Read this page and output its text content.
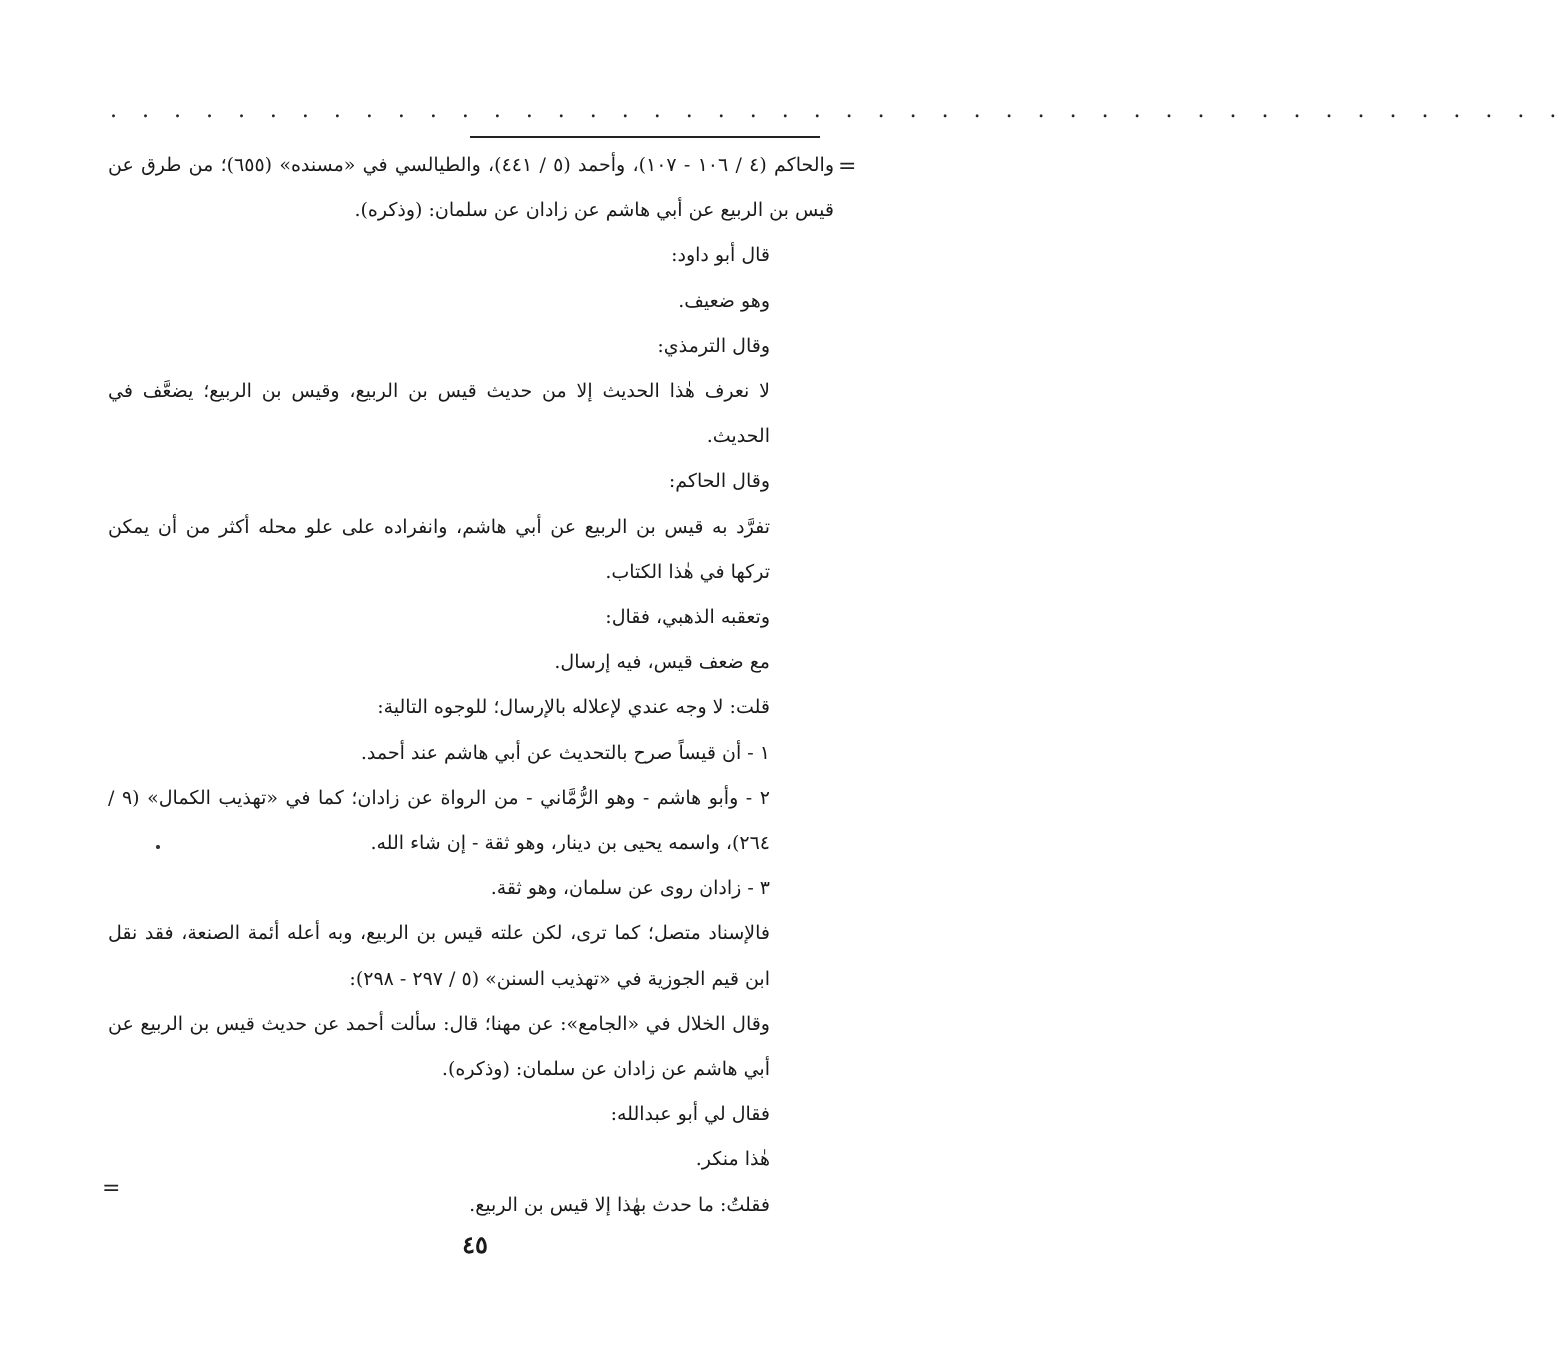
. . . . . . . . . . . . . . . . . . . . . . . . . . . . . . . . . . . . . . . . . . . . . .
=

والحاكم (٤ / ١٠٦ - ١٠٧)، وأحمد (٥ / ٤٤١)، والطيالسي في «مسنده» (٦٥٥)؛ من طرق عن قيس بن الربيع عن أبي هاشم عن زادان عن سلمان: (وذكره).

قال أبو داود:

وهو ضعيف.

وقال الترمذي:

لا نعرف هٰذا الحديث إلا من حديث قيس بن الربيع، وقيس بن الربيع؛ يضعَّف في الحديث.

وقال الحاكم:

تفرَّد به قيس بن الربيع عن أبي هاشم، وانفراده على علو محله أكثر من أن يمكن تركها في هٰذا الكتاب.

وتعقبه الذهبي، فقال:

مع ضعف قيس، فيه إرسال.

قلت: لا وجه عندي لإعلاله بالإرسال؛ للوجوه التالية:

١ - أن قيساً صرح بالتحديث عن أبي هاشم عند أحمد.

٢ - وأبو هاشم - وهو الرُّمَّاني - من الرواة عن زادان؛ كما في «تهذيب الكمال» (٩ / ٢٦٤)، واسمه يحيى بن دينار، وهو ثقة - إن شاء الله.

٣ - زادان روى عن سلمان، وهو ثقة.

فالإسناد متصل؛ كما ترى، لكن علته قيس بن الربيع، وبه أعله أئمة الصنعة، فقد نقل ابن قيم الجوزية في «تهذيب السنن» (٥ / ٢٩٧ - ٢٩٨):

وقال الخلال في «الجامع»: عن مهنا؛ قال: سألت أحمد عن حديث قيس بن الربيع عن أبي هاشم عن زادان عن سلمان: (وذكره).

فقال لي أبو عبدالله:

هٰذا منكر.

فقلتُ: ما حدث بهٰذا إلا قيس بن الربيع.

=
٤٥
